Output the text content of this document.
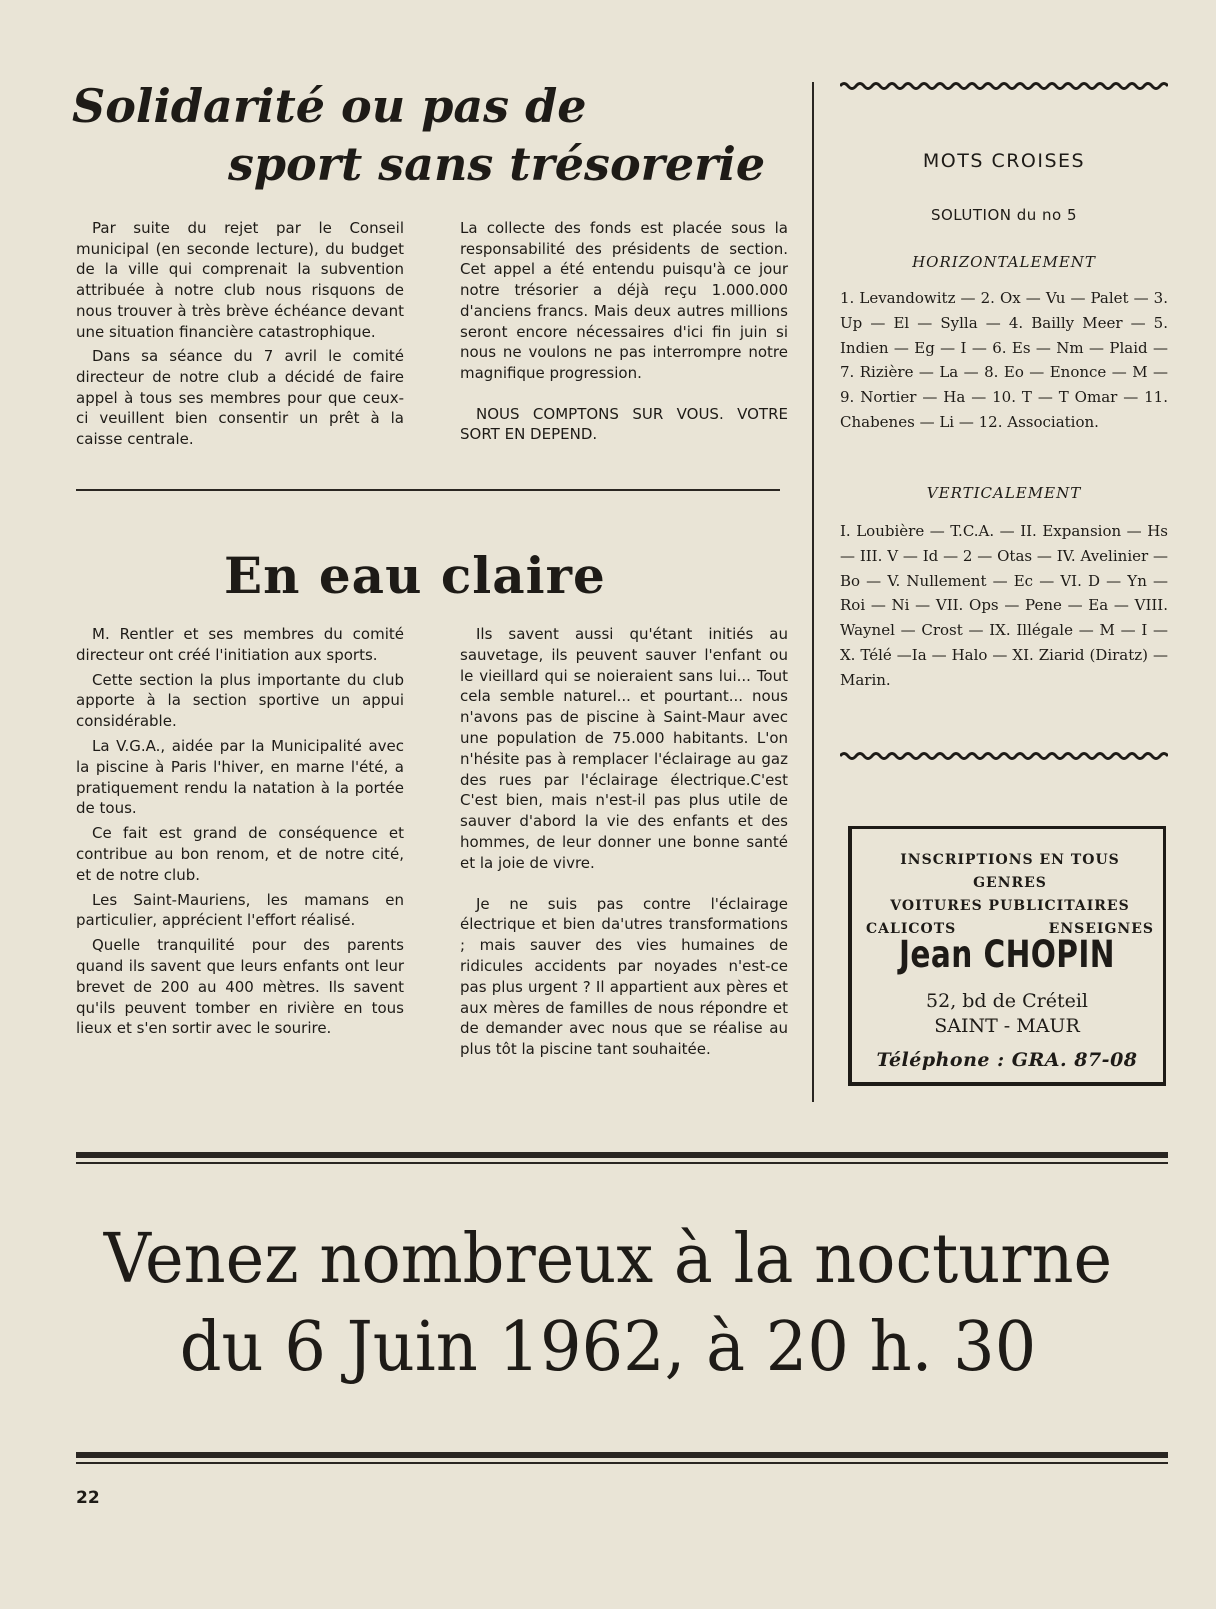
Solidarité ou pas de
sport sans trésorerie

Par suite du rejet par le Conseil municipal (en seconde lecture), du budget de la ville qui comprenait la subvention attribuée à notre club nous risquons de nous trouver à très brève échéance devant une situation financière catastrophique.

Dans sa séance du 7 avril le comité directeur de notre club a décidé de faire appel à tous ses membres pour que ceux-ci veuillent bien consentir un prêt à la caisse centrale.

La collecte des fonds est placée sous la responsabilité des présidents de section. Cet appel a été entendu puisqu'à ce jour notre trésorier a déjà reçu 1.000.000 d'anciens francs. Mais deux autres millions seront encore nécessaires d'ici fin juin si nous ne voulons ne pas interrompre notre magnifique progression.

NOUS COMPTONS SUR VOUS. VOTRE SORT EN DEPEND.

En eau claire

M. Rentler et ses membres du comité directeur ont créé l'initiation aux sports.

Cette section la plus importante du club apporte à la section sportive un appui considérable.

La V.G.A., aidée par la Municipalité avec la piscine à Paris l'hiver, en marne l'été, a pratiquement rendu la natation à la portée de tous.

Ce fait est grand de conséquence et contribue au bon renom, et de notre cité, et de notre club.

Les Saint-Mauriens, les mamans en particulier, apprécient l'effort réalisé.

Quelle tranquilité pour des parents quand ils savent que leurs enfants ont leur brevet de 200 au 400 mètres. Ils savent qu'ils peuvent tomber en rivière en tous lieux et s'en sortir avec le sourire.

Ils savent aussi qu'étant initiés au sauvetage, ils peuvent sauver l'enfant ou le vieillard qui se noieraient sans lui... Tout cela semble naturel... et pourtant... nous n'avons pas de piscine à Saint-Maur avec une population de 75.000 habitants. L'on n'hésite pas à remplacer l'éclairage au gaz des rues par l'éclairage électrique.C'est C'est bien, mais n'est-il pas plus utile de sauver d'abord la vie des enfants et des hommes, de leur donner une bonne santé et la joie de vivre.

Je ne suis pas contre l'éclairage électrique et bien da'utres transformations ; mais sauver des vies humaines de ridicules accidents par noyades n'est-ce pas plus urgent ? Il appartient aux pères et aux mères de familles de nous répondre et de demander avec nous que se réalise au plus tôt la piscine tant souhaitée.

MOTS CROISES
SOLUTION du no 5
HORIZONTALEMENT
1. Levandowitz — 2. Ox — Vu — Palet — 3. Up — El — Sylla — 4. Bailly Meer — 5. Indien — Eg — I — 6. Es — Nm — Plaid — 7. Rizière — La — 8. Eo — Enonce — M — 9. Nortier — Ha — 10. T — T Omar — 11. Chabenes — Li — 12. Association.
VERTICALEMENT
I. Loubière — T.C.A. — II. Expansion — Hs — III. V — Id — 2 — Otas — IV. Avelinier — Bo — V. Nullement — Ec — VI. D — Yn — Roi — Ni — VII. Ops — Pene — Ea — VIII. Waynel — Crost — IX. Illégale — M — I — X. Télé —Ia — Halo — XI. Ziarid (Diratz) — Marin.
INSCRIPTIONS EN TOUS GENRES
VOITURES PUBLICITAIRES
CALICOTS	ENSEIGNES
Jean CHOPIN
52, bd de Créteil
SAINT - MAUR
Téléphone : GRA. 87-08
Venez nombreux à la nocturne
du 6 Juin 1962, à 20 h. 30
22
